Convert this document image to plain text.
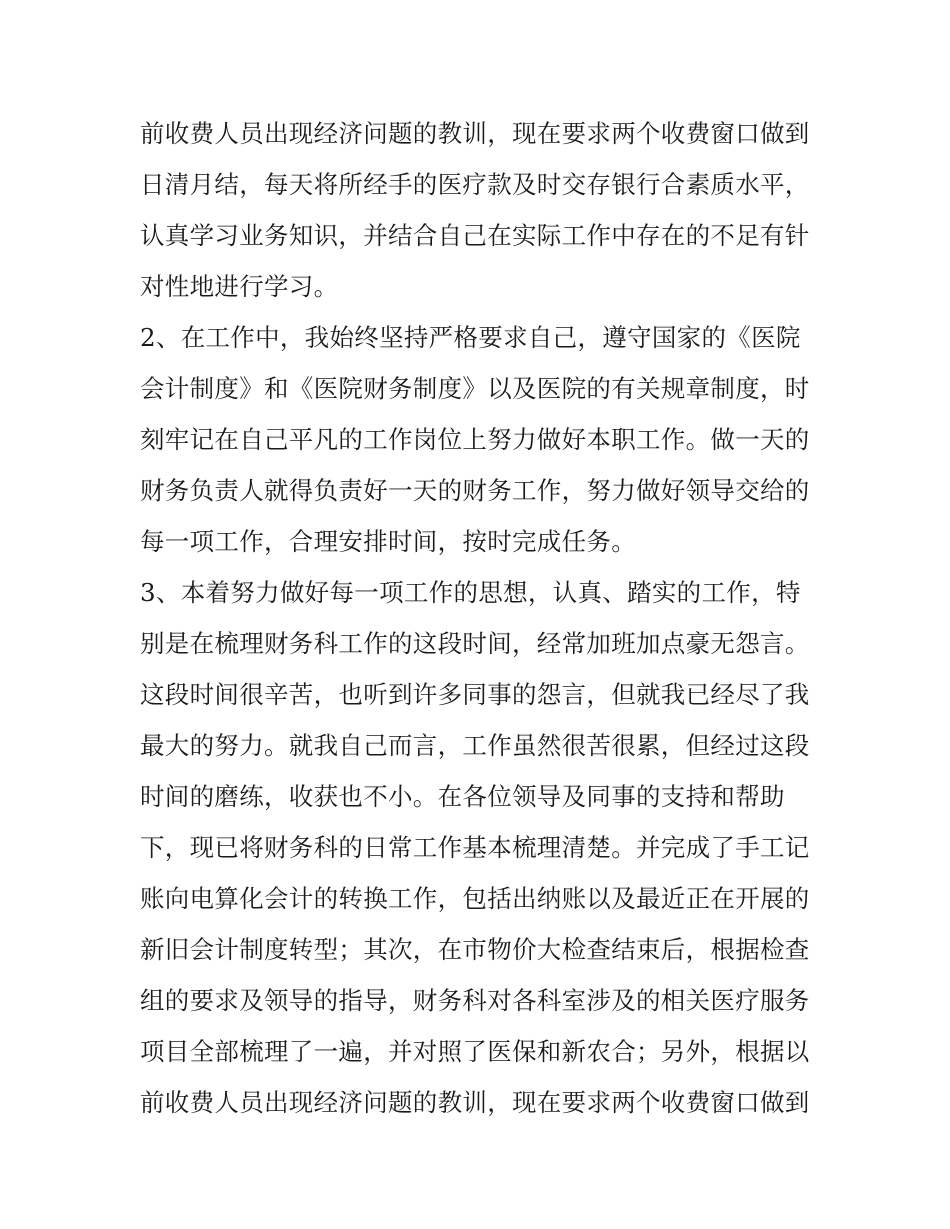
前收费人员出现经济问题的教训，现在要求两个收费窗口做到
日清月结，每天将所经手的医疗款及时交存银行合素质水平，
认真学习业务知识，并结合自己在实际工作中存在的不足有针
对性地进行学习。
2、在工作中，我始终坚持严格要求自己，遵守国家的《医院
会计制度》和《医院财务制度》以及医院的有关规章制度，时
刻牢记在自己平凡的工作岗位上努力做好本职工作。做一天的
财务负责人就得负责好一天的财务工作，努力做好领导交给的
每一项工作，合理安排时间，按时完成任务。
3、本着努力做好每一项工作的思想，认真、踏实的工作，特
别是在梳理财务科工作的这段时间，经常加班加点豪无怨言。
这段时间很辛苦，也听到许多同事的怨言，但就我已经尽了我
最大的努力。就我自己而言，工作虽然很苦很累，但经过这段
时间的磨练，收获也不小。在各位领导及同事的支持和帮助
下，现已将财务科的日常工作基本梳理清楚。并完成了手工记
账向电算化会计的转换工作，包括出纳账以及最近正在开展的
新旧会计制度转型；其次，在市物价大检查结束后，根据检查
组的要求及领导的指导，财务科对各科室涉及的相关医疗服务
项目全部梳理了一遍，并对照了医保和新农合；另外，根据以
前收费人员出现经济问题的教训，现在要求两个收费窗口做到
